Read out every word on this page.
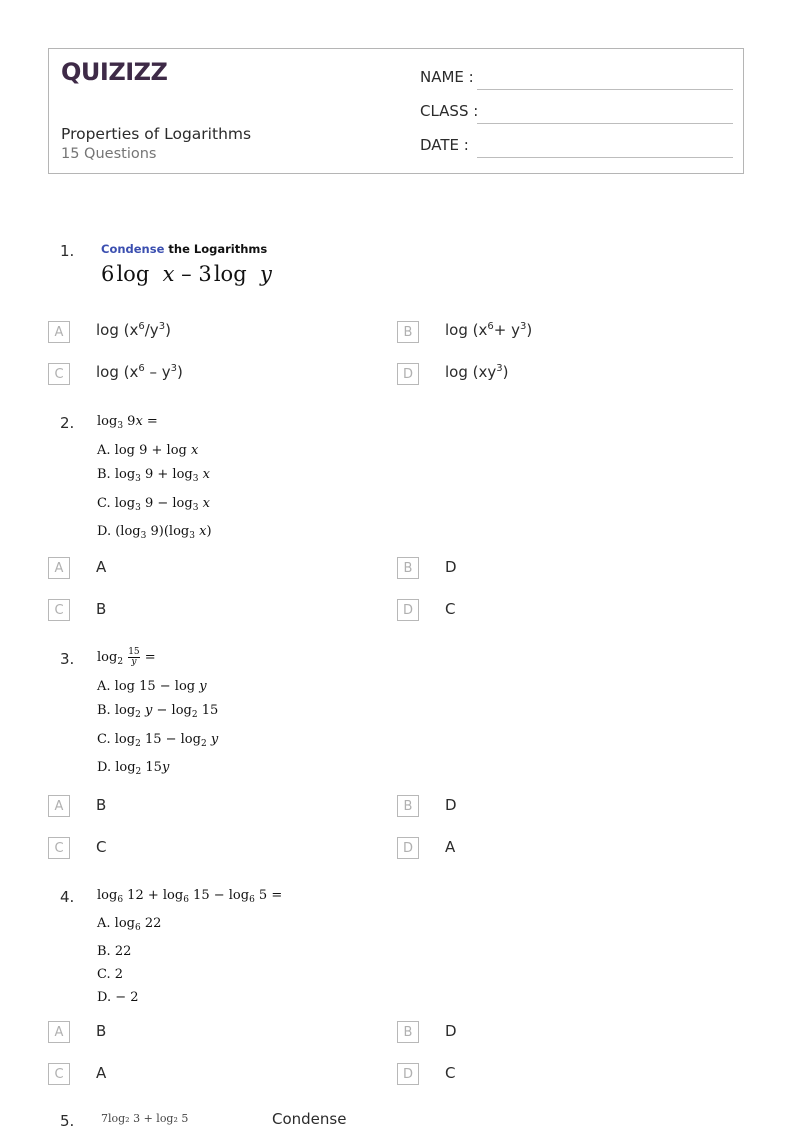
QUIZIZZ
Properties of Logarithms
15 Questions
NAME :
CLASS :
DATE :
1. Condense the Logarithms
6 log x – 3 log y
A	$\log (x^6/y^3)$	B	$\log (x^6+ y^3)$
C	$\log (x^6 - y^3)$	D	$\log (xy^3)$
2. $\log_3 9x$ =
A. log 9 + log x
B. $\log_3 9 + \log_3 x$
C. $\log_3 9 - \log_3 x$
D. ($\log_3$ $9)(\log_3$ x)
A	A	B	D
C	B	D	C
3. $\log_2 \frac{15}{y}$ =
A. log 15 − log y
B. $\log_2 y - \log_2 15$
C. $\log_2 15 - \log_2 y$
D. $\log_2 15y$
A	B	B	D
C	C	D	A
4. $\log_6 12 + \log_6 15 - \log_6 5$ =
A. $\log_6 22$
B. 22
C. 2
D. − 2
A	B	B	D
C	A	D	C
5. 7log₂ 3 + log₂ 5	Condense
